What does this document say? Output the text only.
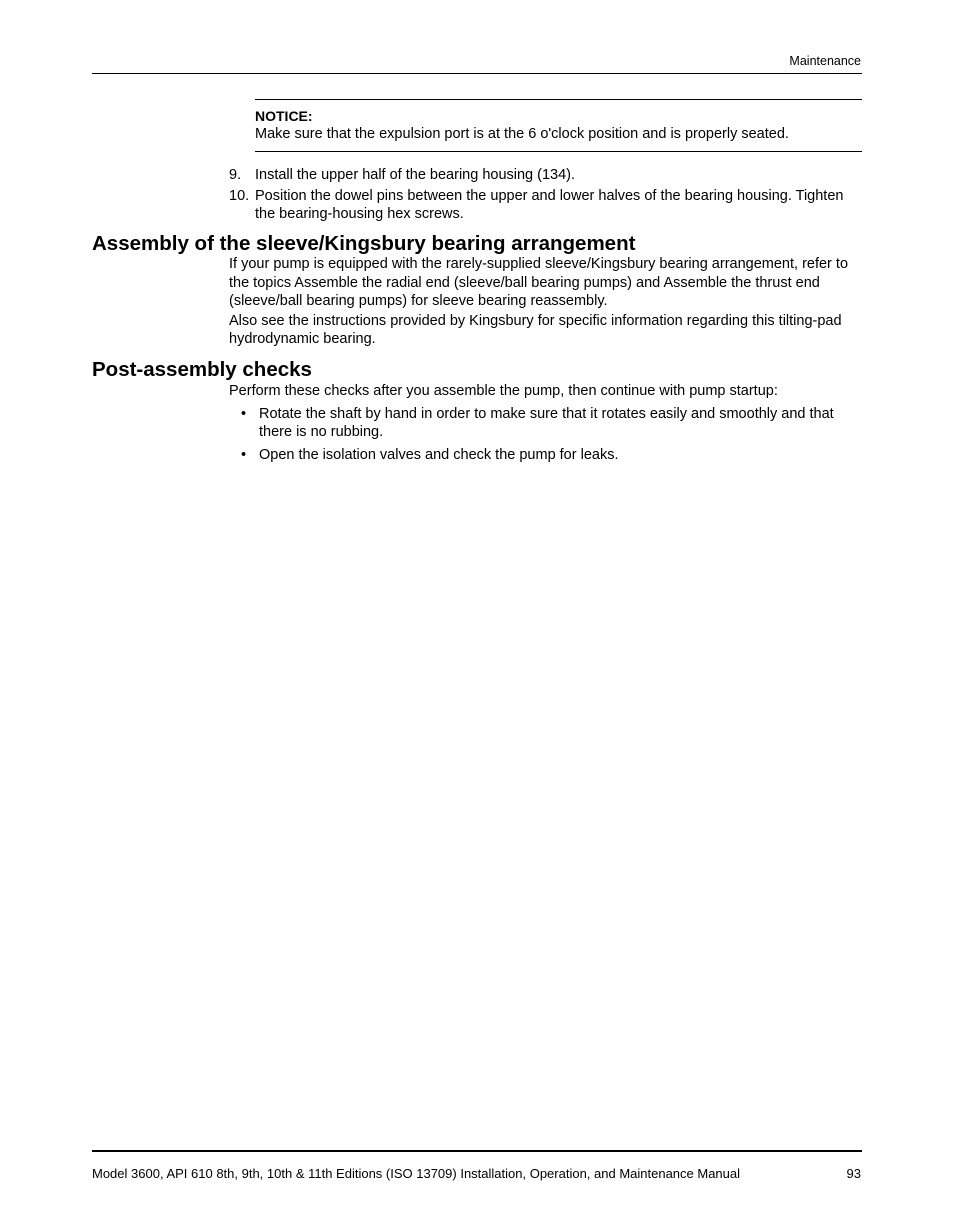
Maintenance
NOTICE:
Make sure that the expulsion port is at the 6 o'clock position and is properly seated.
9. Install the upper half of the bearing housing (134).
10. Position the dowel pins between the upper and lower halves of the bearing housing. Tighten the bearing-housing hex screws.
Assembly of the sleeve/Kingsbury bearing arrangement

If your pump is equipped with the rarely-supplied sleeve/Kingsbury bearing arrangement, refer to the topics Assemble the radial end (sleeve/ball bearing pumps) and Assemble the thrust end (sleeve/ball bearing pumps) for sleeve bearing reassembly.

Also see the instructions provided by Kingsbury for specific information regarding this tilting-pad hydrodynamic bearing.

Post-assembly checks

Perform these checks after you assemble the pump, then continue with pump startup:

• Rotate the shaft by hand in order to make sure that it rotates easily and smoothly and that there is no rubbing.
• Open the isolation valves and check the pump for leaks.
Model 3600, API 610 8th, 9th, 10th & 11th Editions (ISO 13709) Installation, Operation, and Maintenance Manual	93
